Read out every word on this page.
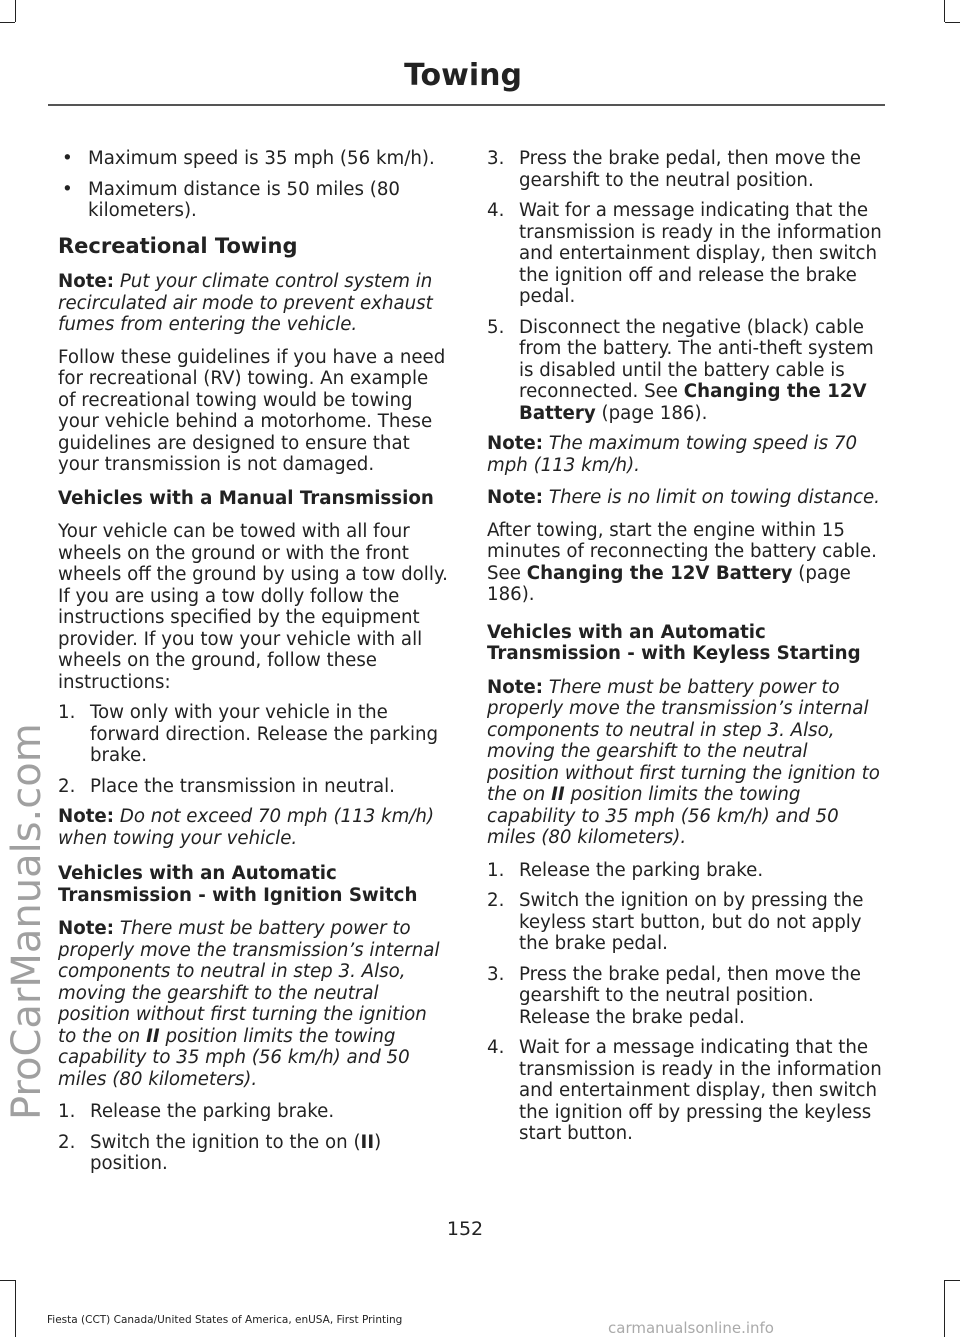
Towing
• Maximum speed is 35 mph (56 km/h).
• Maximum distance is 50 miles (80 kilometers).
Recreational Towing
Note: Put your climate control system in recirculated air mode to prevent exhaust fumes from entering the vehicle.
Follow these guidelines if you have a need for recreational (RV) towing. An example of recreational towing would be towing your vehicle behind a motorhome. These guidelines are designed to ensure that your transmission is not damaged.
Vehicles with a Manual Transmission
Your vehicle can be towed with all four wheels on the ground or with the front wheels off the ground by using a tow dolly. If you are using a tow dolly follow the instructions specified by the equipment provider. If you tow your vehicle with all wheels on the ground, follow these instructions:
1. Tow only with your vehicle in the forward direction. Release the parking brake.
2. Place the transmission in neutral.
Note: Do not exceed 70 mph (113 km/h) when towing your vehicle.
Vehicles with an Automatic Transmission - with Ignition Switch
Note: There must be battery power to properly move the transmission’s internal components to neutral in step 3. Also, moving the gearshift to the neutral position without first turning the ignition to the on II position limits the towing capability to 35 mph (56 km/h) and 50 miles (80 kilometers).
1. Release the parking brake.
2. Switch the ignition to the on (II) position.
3. Press the brake pedal, then move the gearshift to the neutral position.
4. Wait for a message indicating that the transmission is ready in the information and entertainment display, then switch the ignition off and release the brake pedal.
5. Disconnect the negative (black) cable from the battery. The anti-theft system is disabled until the battery cable is reconnected. See Changing the 12V Battery (page 186).
Note: The maximum towing speed is 70 mph (113 km/h).
Note: There is no limit on towing distance.
After towing, start the engine within 15 minutes of reconnecting the battery cable. See Changing the 12V Battery (page 186).
Vehicles with an Automatic Transmission - with Keyless Starting
Note: There must be battery power to properly move the transmission’s internal components to neutral in step 3. Also, moving the gearshift to the neutral position without first turning the ignition to the on II position limits the towing capability to 35 mph (56 km/h) and 50 miles (80 kilometers).
1. Release the parking brake.
2. Switch the ignition on by pressing the keyless start button, but do not apply the brake pedal.
3. Press the brake pedal, then move the gearshift to the neutral position. Release the brake pedal.
4. Wait for a message indicating that the transmission is ready in the information and entertainment display, then switch the ignition off by pressing the keyless start button.
152
Fiesta (CCT) Canada/United States of America, enUSA, First Printing
ProCarManuals.com
carmanualsonline.info
